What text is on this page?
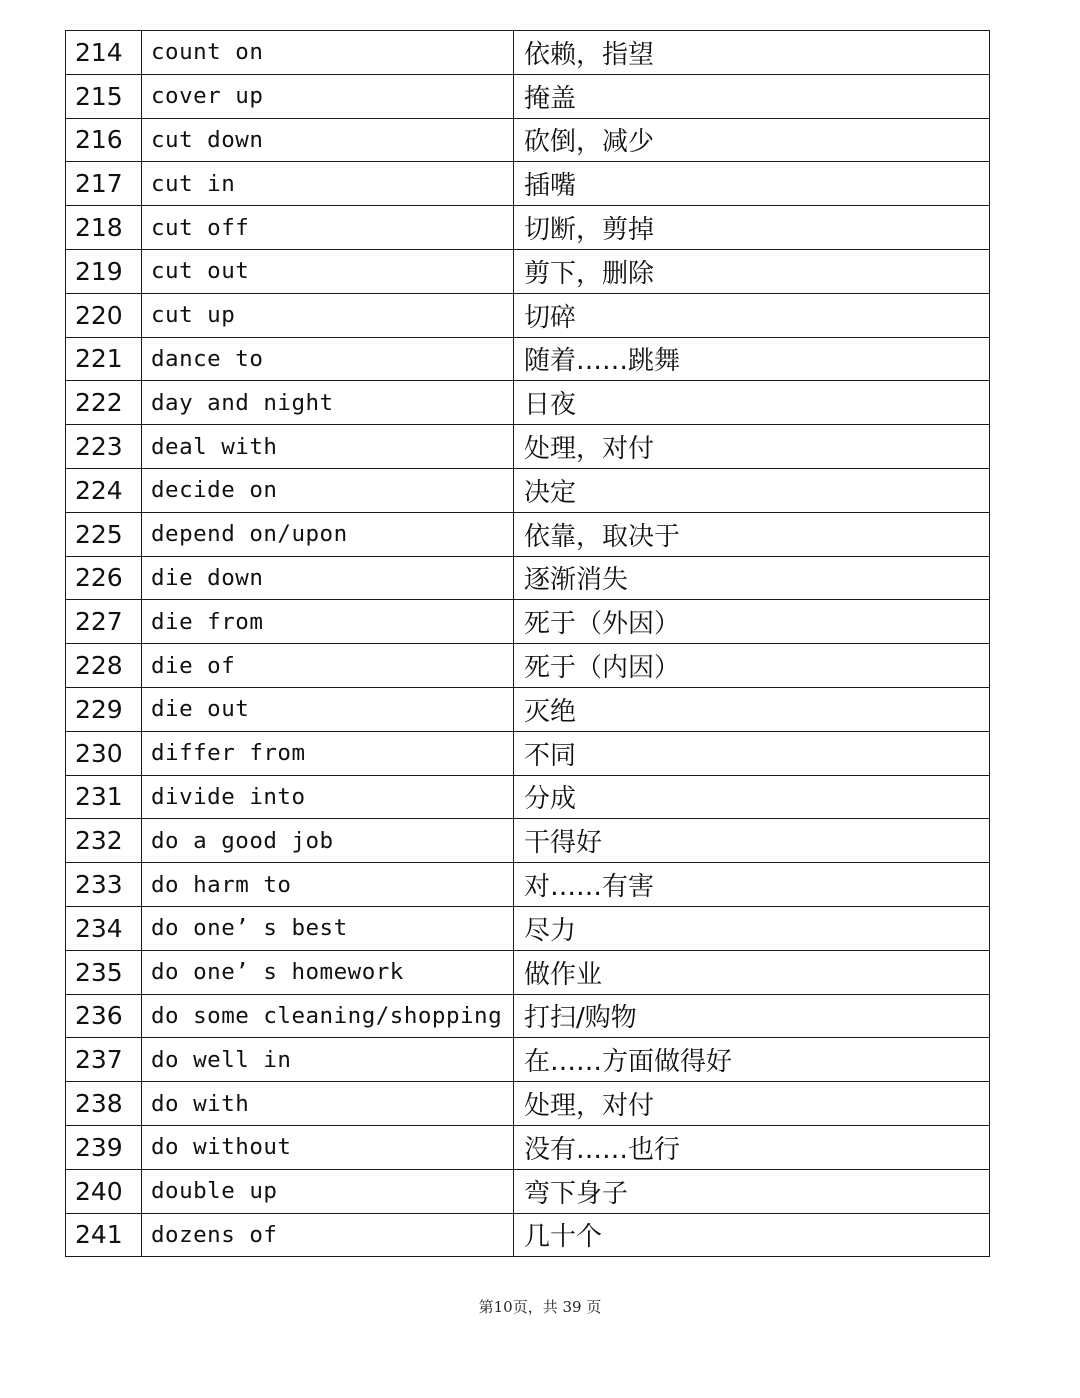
214	count on	依赖，指望
215	cover up	掩盖
216	cut down	砍倒，减少
217	cut in	插嘴
218	cut off	切断，剪掉
219	cut out	剪下，删除
220	cut up	切碎
221	dance to	随着……跳舞
222	day and night	日夜
223	deal with	处理，对付
224	decide on	决定
225	depend on/upon	依靠，取决于
226	die down	逐渐消失
227	die from	死于（外因）
228	die of	死于（内因）
229	die out	灭绝
230	differ from	不同
231	divide into	分成
232	do a good job	干得好
233	do harm to	对……有害
234	do one’ s best	尽力
235	do one’ s homework	做作业
236	do some cleaning/shopping	打扫/购物
237	do well in	在……方面做得好
238	do with	处理，对付
239	do without	没有……也行
240	double up	弯下身子
241	dozens of	几十个
第10页，共 39 页
